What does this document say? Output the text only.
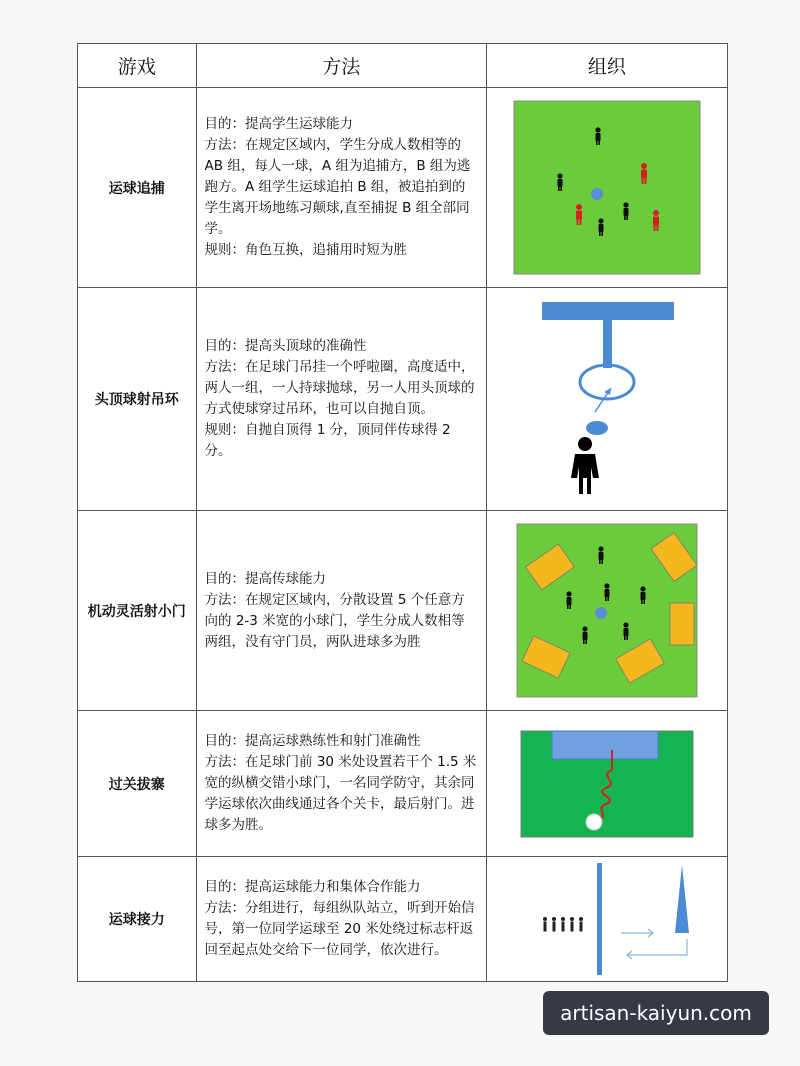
游戏	方法	组织
运球追捕	目的：提高学生运球能力
方法：在规定区域内，学生分成人数相等的 AB 组，每人一球，A 组为追捕方，B 组为逃跑方。A 组学生运球追拍 B 组，被追拍到的学生离开场地练习颠球,直至捕捉 B 组全部同学。
规则：角色互换，追捕用时短为胜

头顶球射吊环	目的：提高头顶球的准确性
方法：在足球门吊挂一个呼啦圈，高度适中，两人一组，一人持球抛球，另一人用头顶球的方式使球穿过吊环，也可以自抛自顶。
规则：自抛自顶得 1 分，顶同伴传球得 2 分。

机动灵活射小门	目的：提高传球能力
方法：在规定区域内，分散设置 5 个任意方向的 2-3 米宽的小球门，学生分成人数相等两组，没有守门员，两队进球多为胜

过关拔寨	目的：提高运球熟练性和射门准确性
方法：在足球门前 30 米处设置若干个 1.5 米宽的纵横交错小球门，一名同学防守，其余同学运球依次曲线通过各个关卡，最后射门。进球多为胜。

运球接力	目的：提高运球能力和集体合作能力
方法：分组进行，每组纵队站立，听到开始信号，第一位同学运球至 20 米处绕过标志杆返回至起点处交给下一位同学，依次进行。

artisan-kaiyun.com
